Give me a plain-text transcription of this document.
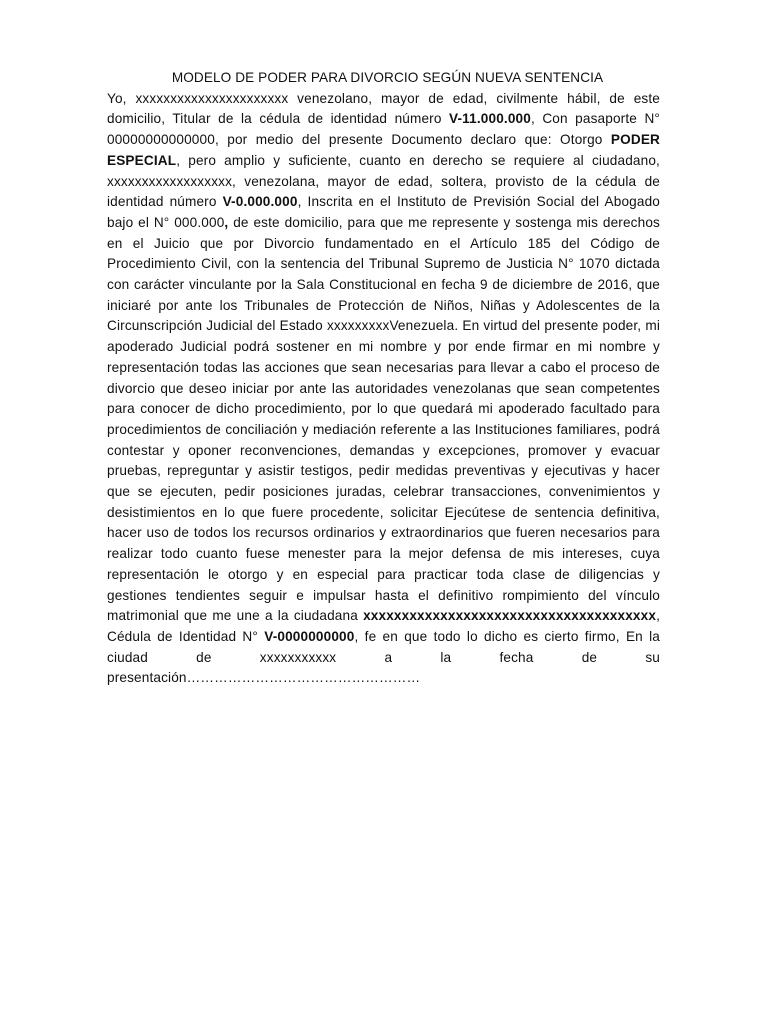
MODELO DE PODER PARA DIVORCIO SEGÚN NUEVA SENTENCIA

Yo, xxxxxxxxxxxxxxxxxxxxxx venezolano, mayor de edad, civilmente hábil, de este domicilio, Titular de la cédula de identidad número V-11.000.000, Con pasaporte N° 00000000000000, por medio del presente Documento declaro que: Otorgo PODER ESPECIAL, pero amplio y suficiente, cuanto en derecho se requiere al ciudadano, xxxxxxxxxxxxxxxxxx, venezolana, mayor de edad, soltera, provisto de la cédula de identidad número V-0.000.000, Inscrita en el Instituto de Previsión Social del Abogado bajo el N° 000.000, de este domicilio, para que me represente y sostenga mis derechos en el Juicio que por Divorcio fundamentado en el Artículo 185 del Código de Procedimiento Civil, con la sentencia del Tribunal Supremo de Justicia N° 1070 dictada con carácter vinculante por la Sala Constitucional en fecha 9 de diciembre de 2016, que iniciaré por ante los Tribunales de Protección de Niños, Niñas y Adolescentes de la Circunscripción Judicial del Estado xxxxxxxxxVenezuela. En virtud del presente poder, mi apoderado Judicial podrá sostener en mi nombre y por ende firmar en mi nombre y representación todas las acciones que sean necesarias para llevar a cabo el proceso de divorcio que deseo iniciar por ante las autoridades venezolanas que sean competentes para conocer de dicho procedimiento, por lo que quedará mi apoderado facultado para procedimientos de conciliación y mediación referente a las Instituciones familiares, podrá contestar y oponer reconvenciones, demandas y excepciones, promover y evacuar pruebas, repreguntar y asistir testigos, pedir medidas preventivas y ejecutivas y hacer que se ejecuten, pedir posiciones juradas, celebrar transacciones, convenimientos y desistimientos en lo que fuere procedente, solicitar Ejecútese de sentencia definitiva, hacer uso de todos los recursos ordinarios y extraordinarios que fueren necesarios para realizar todo cuanto fuese menester para la mejor defensa de mis intereses, cuya representación le otorgo y en especial para practicar toda clase de diligencias y gestiones tendientes seguir e impulsar hasta el definitivo rompimiento del vínculo matrimonial que me une a la ciudadana xxxxxxxxxxxxxxxxxxxxxxxxxxxxxxxxxxxxxx, Cédula de Identidad N° V-0000000000, fe en que todo lo dicho es cierto firmo, En la ciudad de xxxxxxxxxxx a la fecha de su presentación……………………………………………
